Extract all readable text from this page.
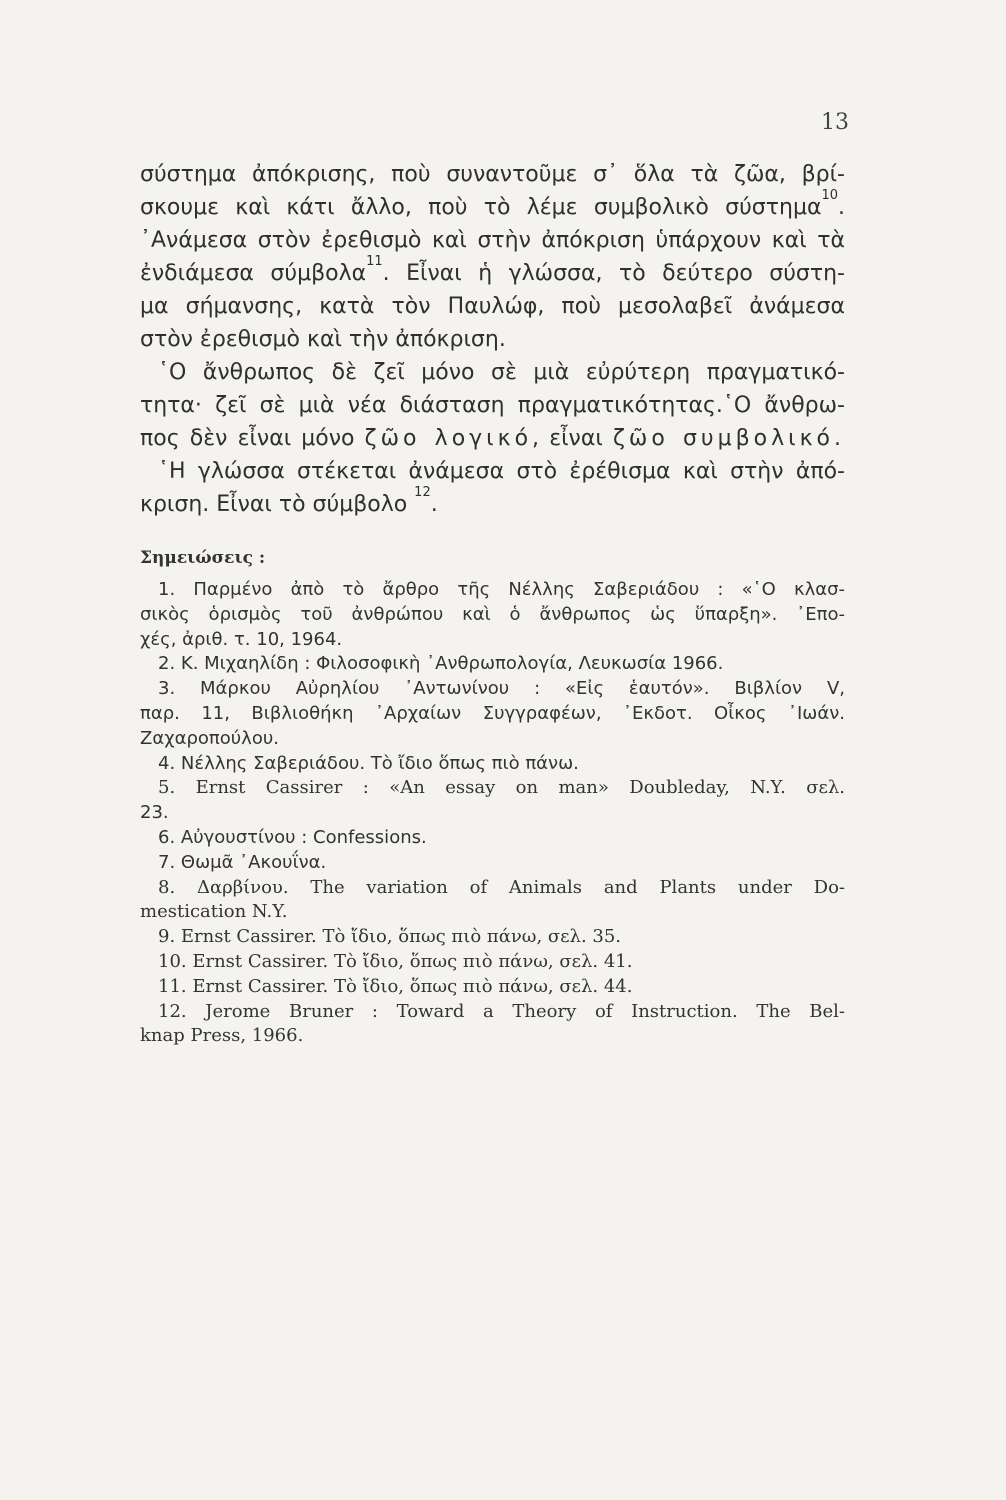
13
σύστημα ἀπόκρισης, ποὺ συναντοῦμε σ᾽ ὅλα τὰ ζῶα, βρί-
σκουμε καὶ κάτι ἄλλο, ποὺ τὸ λέμε συμβολικὸ σύστημα$^{10}$.
᾽Ανάμεσα στὸν ἐρεθισμὸ καὶ στὴν ἀπόκριση ὑπάρχουν καὶ τὰ
ἐνδιάμεσα σύμβολα$^{11}$. Εἶναι ἡ γλώσσα, τὸ δεύτερο σύστη-
μα σήμανσης, κατὰ τὸν Παυλώφ, ποὺ μεσολαβεῖ ἀνάμεσα
στὸν ἐρεθισμὸ καὶ τὴν ἀπόκριση.
῾Ο ἄνθρωπος δὲ ζεῖ μόνο σὲ μιὰ εὐρύτερη πραγματικό-
τητα· ζεῖ σὲ μιὰ νέα διάσταση πραγματικότητας.῾Ο ἄνθρω-
πος δὲν εἶναι μόνο ζῶο λογικό, εἶναι ζῶο συμβολικό.
῾Η γλώσσα στέκεται ἀνάμεσα στὸ ἐρέθισμα καὶ στὴν ἀπό-
κριση. Εἶναι τὸ σύμβολο $^{12}$.
Σημειώσεις :
1. Παρμένο ἀπὸ τὸ ἄρθρο τῆς Νέλλης Σαβεριάδου : «῾Ο κλασ-
σικὸς ὁρισμὸς τοῦ ἀνθρώπου καὶ ὁ ἄνθρωπος ὡς ὕπαρξη». ᾽Επο-
χές, ἀριθ. τ. 10, 1964.
2. Κ. Μιχαηλίδη : Φιλοσοφικὴ ᾽Ανθρωπολογία, Λευκωσία 1966.
3. Μάρκου Αὐρηλίου ᾽Αντωνίνου : «Εἰς ἑαυτόν». Βιβλίον V,
παρ. 11, Βιβλιοθήκη ᾽Αρχαίων Συγγραφέων, ᾽Εκδοτ. Οἶκος ᾽Ιωάν.
Ζαχαροπούλου.
4. Νέλλης Σαβεριάδου. Τὸ ἴδιο ὅπως πιὸ πάνω.
5. Ernst Cassirer : «An essay on man» Doubleday, N.Y. σελ.
23.
6. Αὐγουστίνου : Confessions.
7. Θωμᾶ ᾽Ακουΐνα.
8. Δαρβίνου. The variation of Animals and Plants under Do-
mestication N.Y.
9. Ernst Cassirer. Τὸ ἴδιο, ὅπως πιὸ πάνω, σελ. 35.
10. Ernst Cassirer. Τὸ ἴδιο, ὅπως πιὸ πάνω, σελ. 41.
11. Ernst Cassirer. Τὸ ἴδιο, ὅπως πιὸ πάνω, σελ. 44.
12. Jerome Bruner : Toward a Theory of Instruction. The Bel-
knap Press, 1966.
